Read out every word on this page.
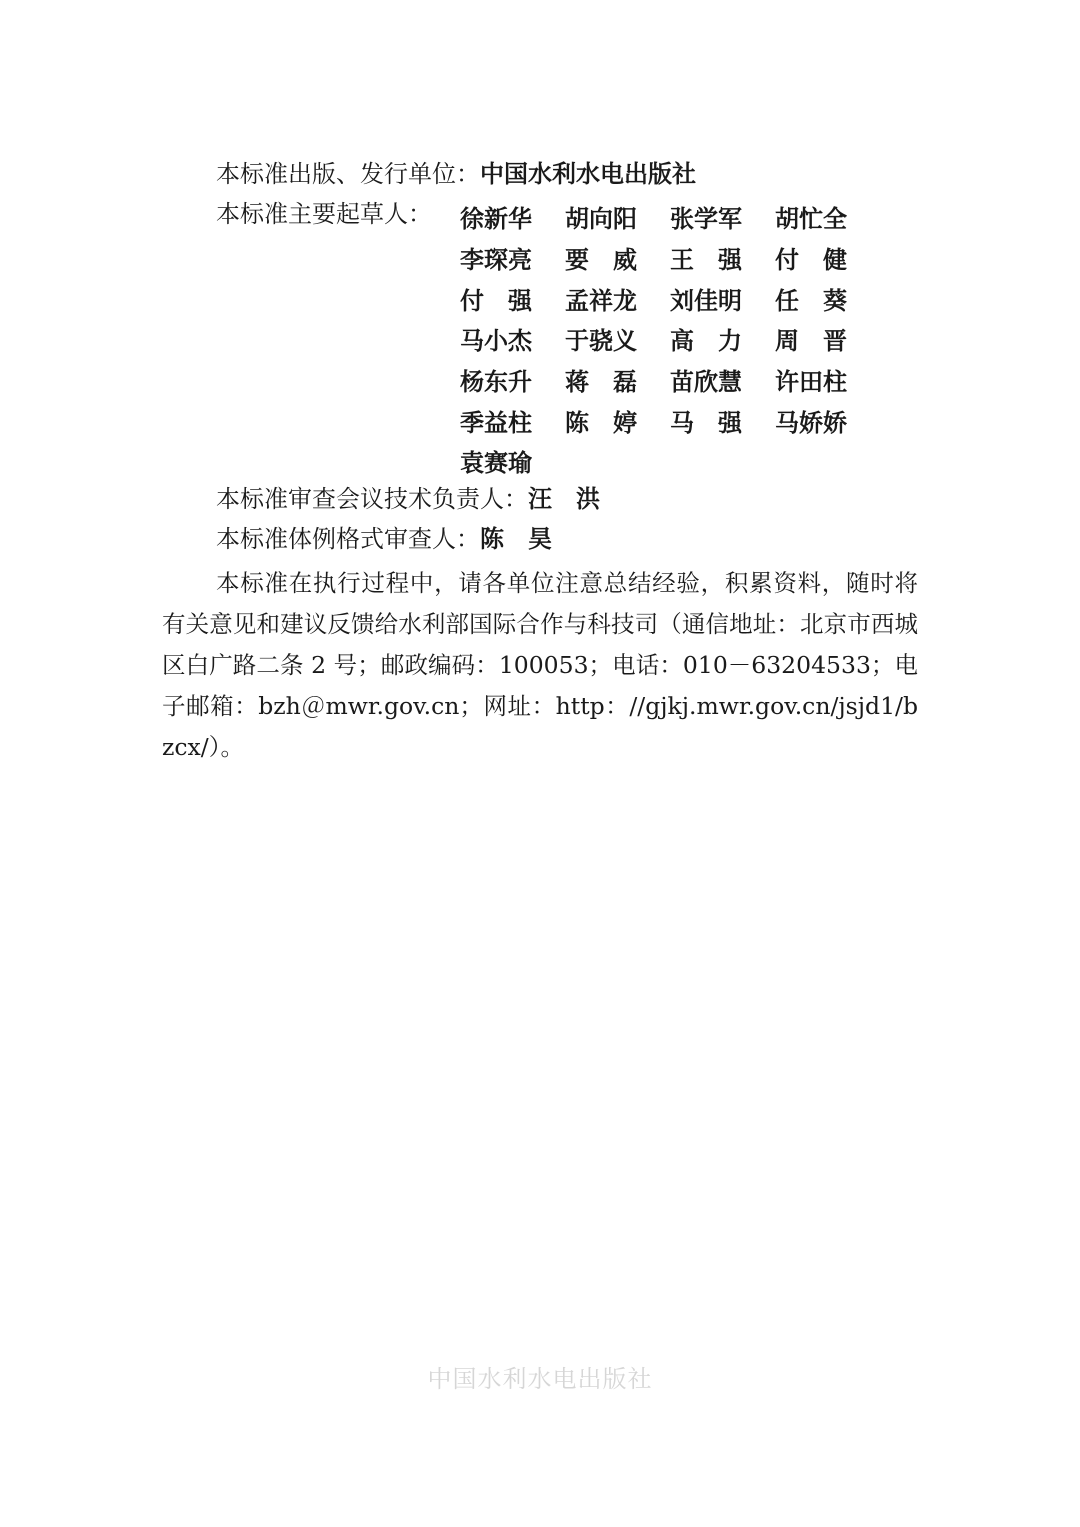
本标准出版、发行单位：中国水利水电出版社
本标准主要起草人： 徐新华	胡向阳	张学军	胡忙全
李琛亮	要　威	王　强	付　健
付　强	孟祥龙	刘佳明	任　葵
马小杰	于骁义	高　力	周　晋
杨东升	蒋　磊	苗欣慧	许田柱
季益柱	陈　婷	马　强	马娇娇
袁赛瑜
本标准审查会议技术负责人：汪　洪
本标准体例格式审查人：陈　昊
本标准在执行过程中，请各单位注意总结经验，积累资料，随时将有关意见和建议反馈给水利部国际合作与科技司（通信地址：北京市西城区白广路二条 2 号；邮政编码：100053；电话：010－63204533；电子邮箱：bzh＠mwr.gov.cn；网址：http：//gjkj.mwr.gov.cn/jsjd1/bzcx/）。
中国水利水电出版社
